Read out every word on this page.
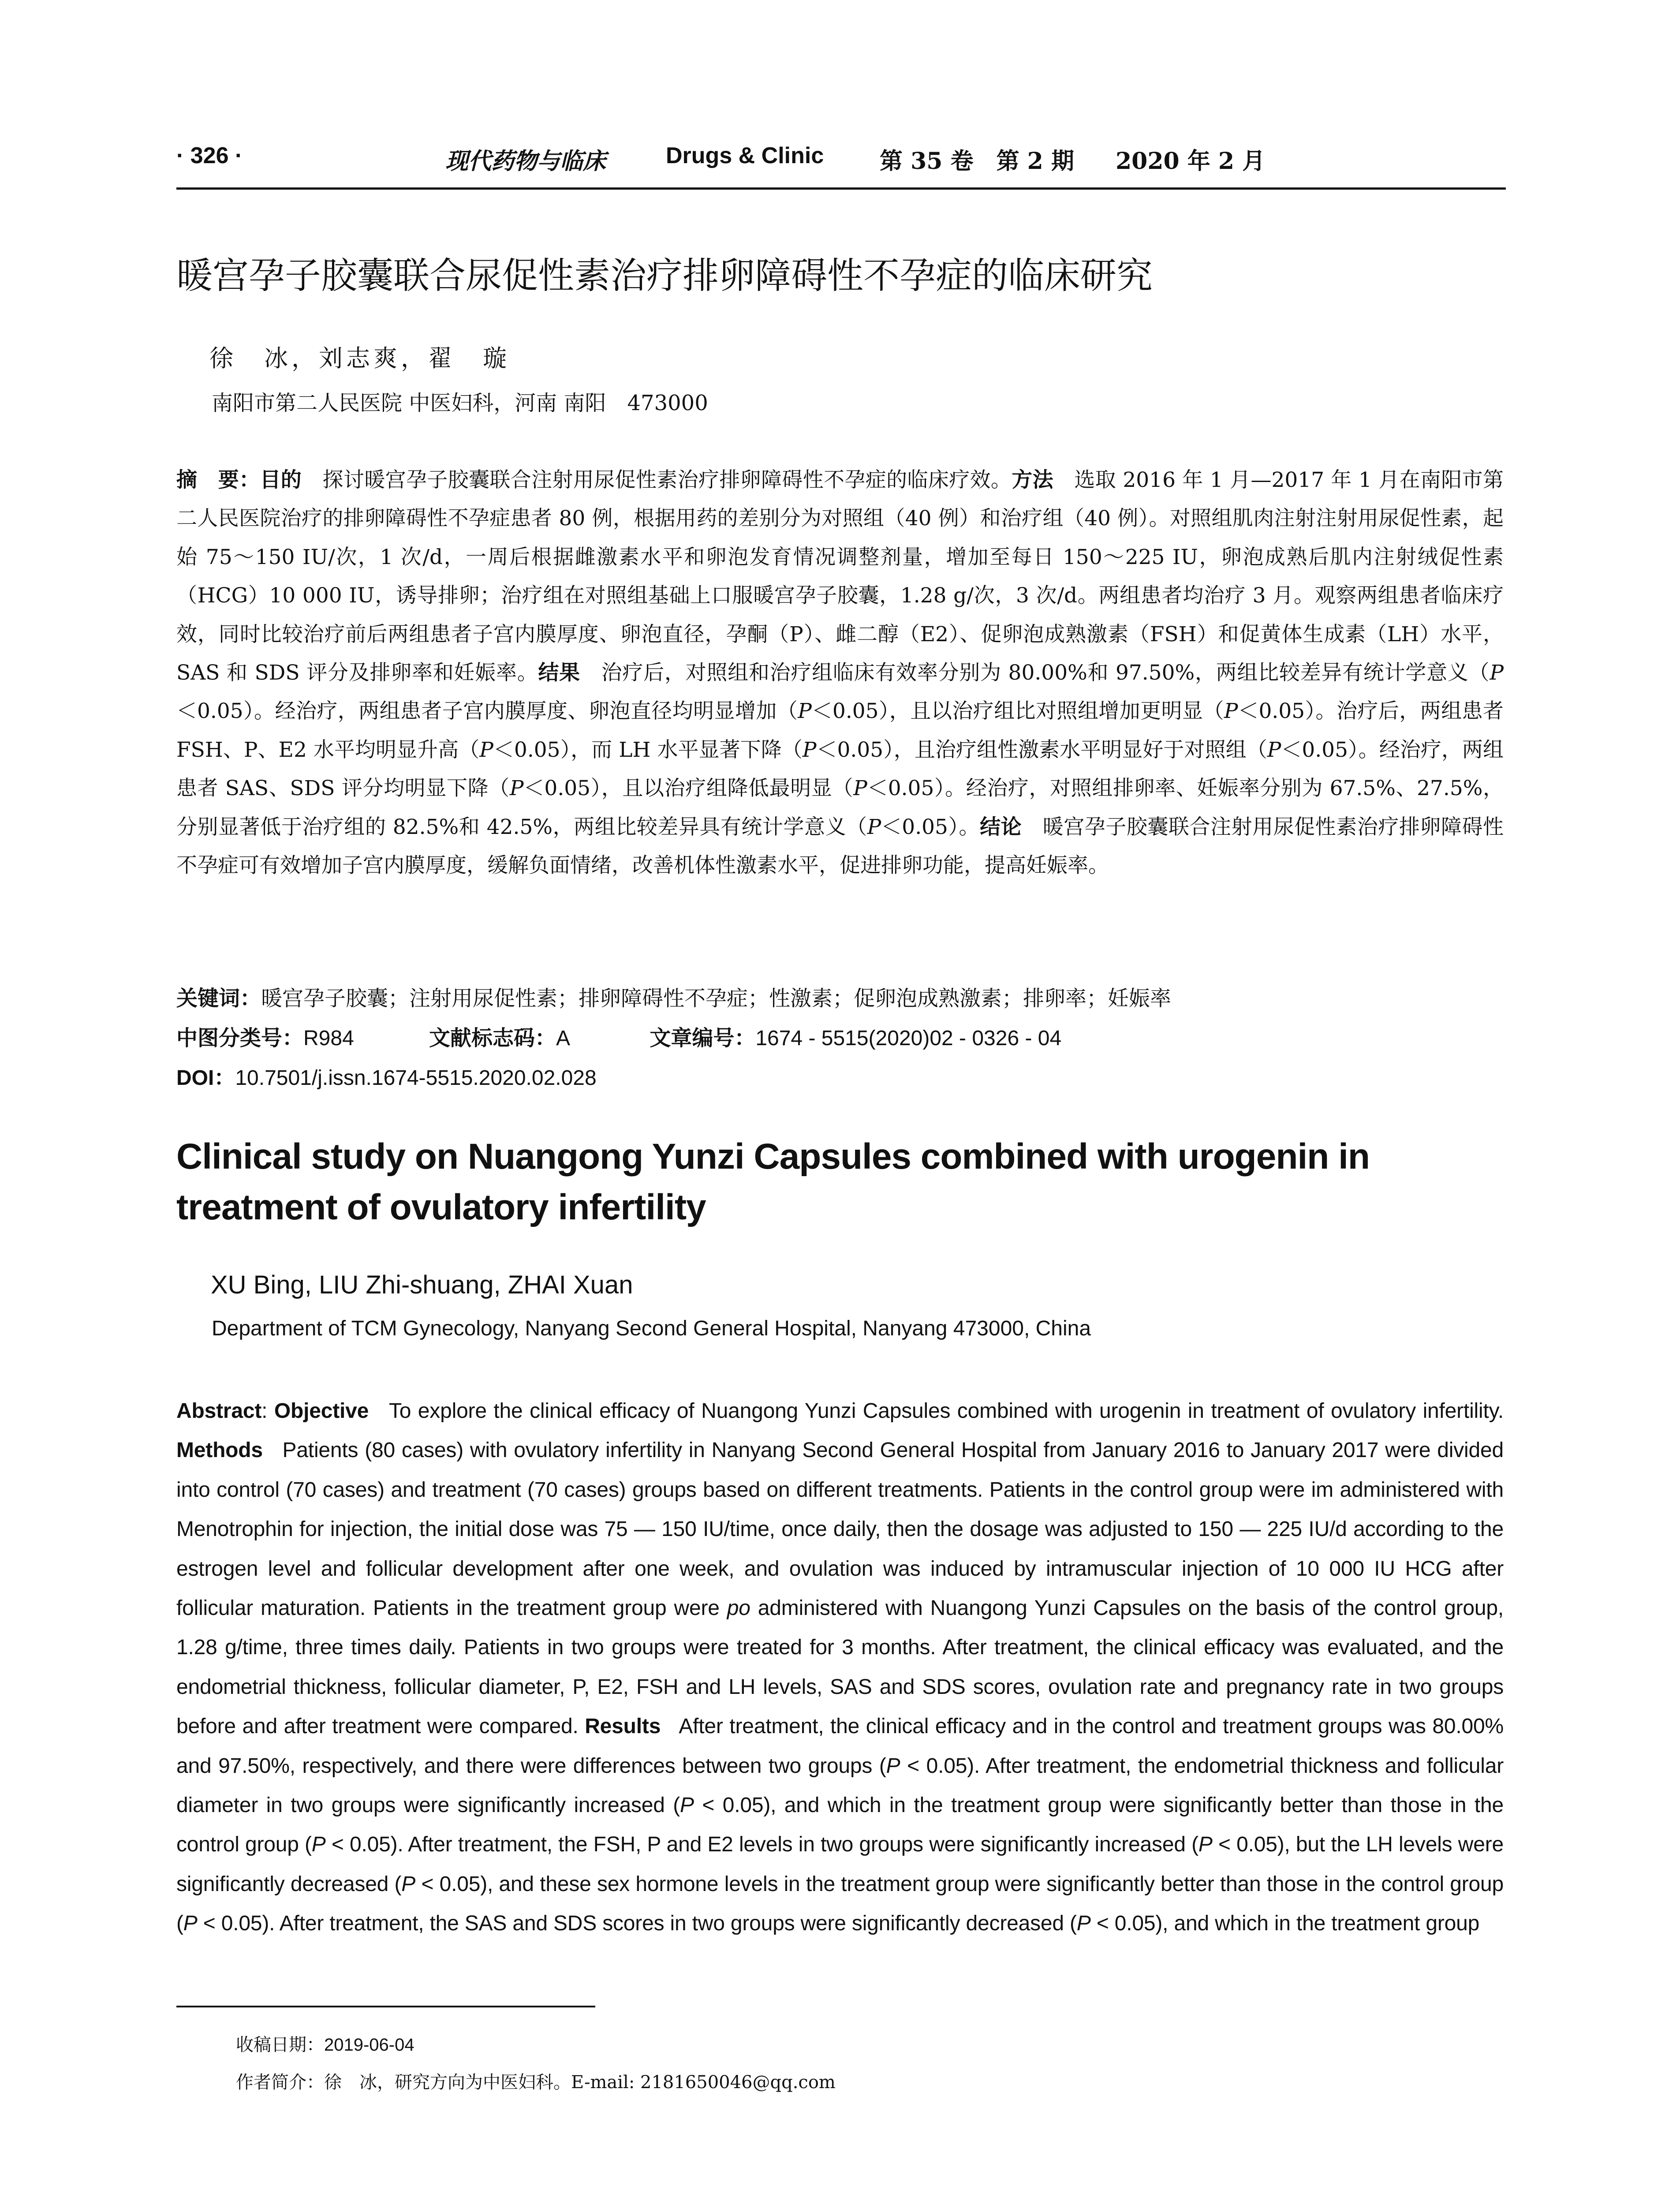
· 326 ·	现代药物与临床	Drugs & Clinic 第 35 卷　第 2 期 2020 年 2 月
暖宫孕子胶囊联合尿促性素治疗排卵障碍性不孕症的临床研究
徐　冰，刘志爽，翟　璇
南阳市第二人民医院 中医妇科，河南 南阳　473000
摘　要：目的　探讨暖宫孕子胶囊联合注射用尿促性素治疗排卵障碍性不孕症的临床疗效。方法　选取 2016 年 1 月—2017 年 1 月在南阳市第二人民医院治疗的排卵障碍性不孕症患者 80 例，根据用药的差别分为对照组（40 例）和治疗组（40 例）。对照组肌肉注射注射用尿促性素，起始 75～150 IU/次，1 次/d，一周后根据雌激素水平和卵泡发育情况调整剂量，增加至每日 150～225 IU，卵泡成熟后肌内注射绒促性素（HCG）10 000 IU，诱导排卵；治疗组在对照组基础上口服暖宫孕子胶囊，1.28 g/次，3 次/d。两组患者均治疗 3 月。观察两组患者临床疗效，同时比较治疗前后两组患者子宫内膜厚度、卵泡直径，孕酮（P）、雌二醇（E2）、促卵泡成熟激素（FSH）和促黄体生成素（LH）水平，SAS 和 SDS 评分及排卵率和妊娠率。结果　治疗后，对照组和治疗组临床有效率分别为 80.00%和 97.50%，两组比较差异有统计学意义（P＜0.05）。经治疗，两组患者子宫内膜厚度、卵泡直径均明显增加（P＜0.05），且以治疗组比对照组增加更明显（P＜0.05）。治疗后，两组患者 FSH、P、E2 水平均明显升高（P＜0.05），而 LH 水平显著下降（P＜0.05），且治疗组性激素水平明显好于对照组（P＜0.05）。经治疗，两组患者 SAS、SDS 评分均明显下降（P＜0.05），且以治疗组降低最明显（P＜0.05）。经治疗，对照组排卵率、妊娠率分别为 67.5%、27.5%，分别显著低于治疗组的 82.5%和 42.5%，两组比较差异具有统计学意义（P＜0.05）。结论　暖宫孕子胶囊联合注射用尿促性素治疗排卵障碍性不孕症可有效增加子宫内膜厚度，缓解负面情绪，改善机体性激素水平，促进排卵功能，提高妊娠率。
关键词：暖宫孕子胶囊；注射用尿促性素；排卵障碍性不孕症；性激素；促卵泡成熟激素；排卵率；妊娠率
中图分类号：R984	文献标志码：A	文章编号：1674 - 5515(2020)02 - 0326 - 04
DOI：10.7501/j.issn.1674-5515.2020.02.028
Clinical study on Nuangong Yunzi Capsules combined with urogenin in treatment of ovulatory infertility
XU Bing, LIU Zhi-shuang, ZHAI Xuan
Department of TCM Gynecology, Nanyang Second General Hospital, Nanyang 473000, China
Abstract: Objective To explore the clinical efficacy of Nuangong Yunzi Capsules combined with urogenin in treatment of ovulatory infertility. Methods Patients (80 cases) with ovulatory infertility in Nanyang Second General Hospital from January 2016 to January 2017 were divided into control (70 cases) and treatment (70 cases) groups based on different treatments. Patients in the control group were im administered with Menotrophin for injection, the initial dose was 75 — 150 IU/time, once daily, then the dosage was adjusted to 150 — 225 IU/d according to the estrogen level and follicular development after one week, and ovulation was induced by intramuscular injection of 10 000 IU HCG after follicular maturation. Patients in the treatment group were po administered with Nuangong Yunzi Capsules on the basis of the control group, 1.28 g/time, three times daily. Patients in two groups were treated for 3 months. After treatment, the clinical efficacy was evaluated, and the endometrial thickness, follicular diameter, P, E2, FSH and LH levels, SAS and SDS scores, ovulation rate and pregnancy rate in two groups before and after treatment were compared. Results After treatment, the clinical efficacy and in the control and treatment groups was 80.00% and 97.50%, respectively, and there were differences between two groups (P < 0.05). After treatment, the endometrial thickness and follicular diameter in two groups were significantly increased (P < 0.05), and which in the treatment group were significantly better than those in the control group (P < 0.05). After treatment, the FSH, P and E2 levels in two groups were significantly increased (P < 0.05), but the LH levels were significantly decreased (P < 0.05), and these sex hormone levels in the treatment group were significantly better than those in the control group (P < 0.05). After treatment, the SAS and SDS scores in two groups were significantly decreased (P < 0.05), and which in the treatment group
收稿日期：2019-06-04
作者简介：徐　冰，研究方向为中医妇科。E-mail: 2181650046@qq.com
